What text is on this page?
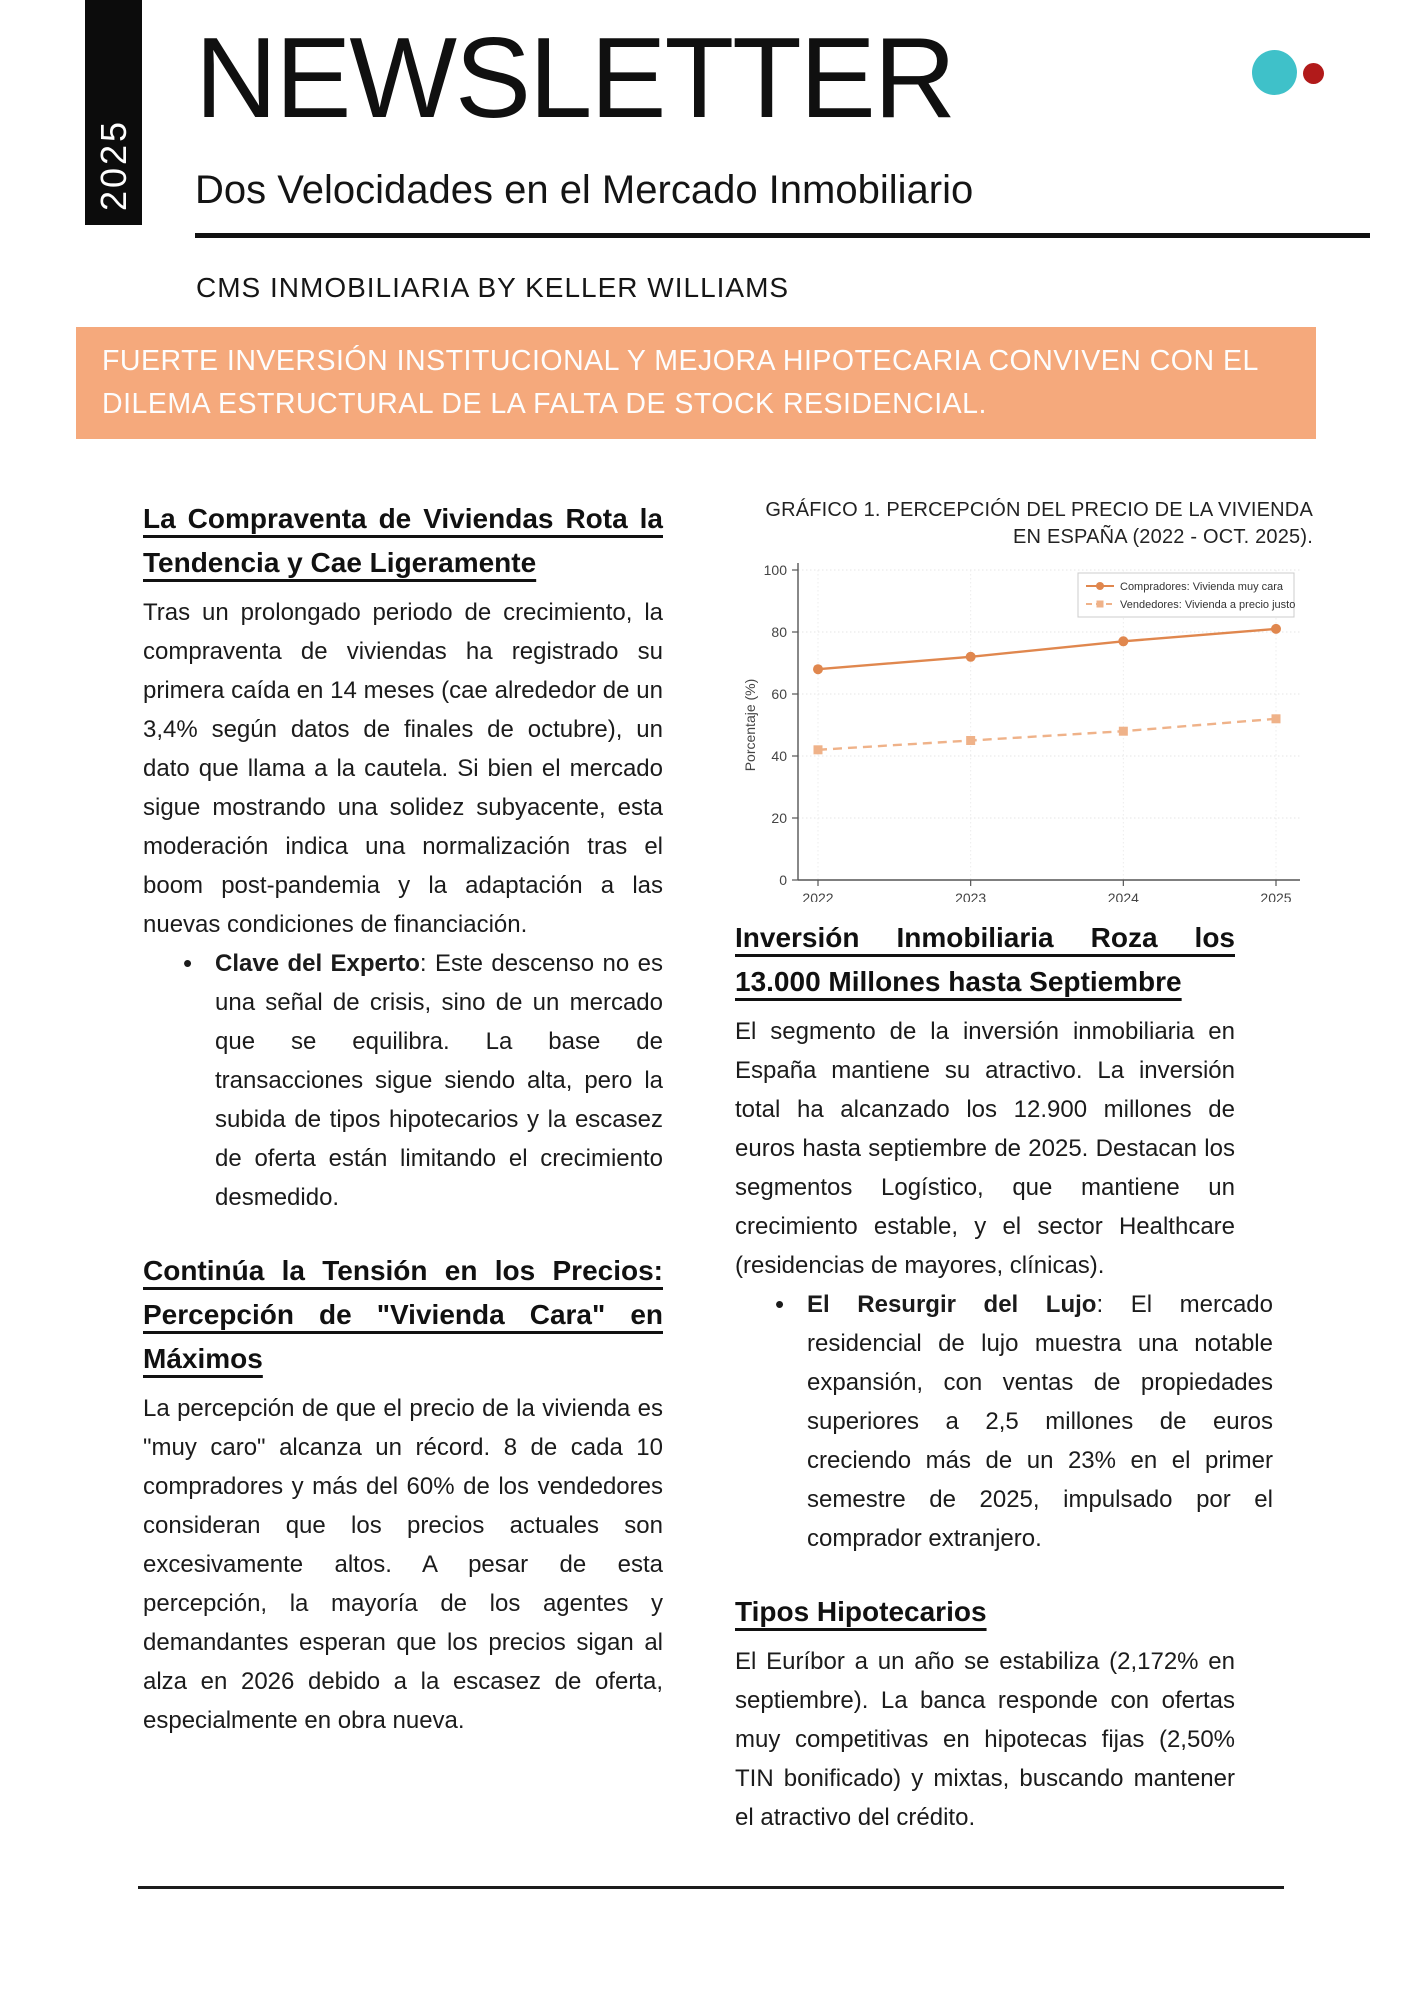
2025
NEWSLETTER
Dos Velocidades en el Mercado Inmobiliario
CMS INMOBILIARIA BY KELLER WILLIAMS
FUERTE INVERSIÓN INSTITUCIONAL Y MEJORA HIPOTECARIA CONVIVEN CON EL DILEMA ESTRUCTURAL DE LA FALTA DE STOCK RESIDENCIAL.
La Compraventa de Viviendas Rota la Tendencia y Cae Ligeramente

Tras un prolongado periodo de crecimiento, la compraventa de viviendas ha registrado su primera caída en 14 meses (cae alrededor de un 3,4% según datos de finales de octubre), un dato que llama a la cautela. Si bien el mercado sigue mostrando una solidez subyacente, esta moderación indica una normalización tras el boom post-pandemia y la adaptación a las nuevas condiciones de financiación.

• Clave del Experto: Este descenso no es una señal de crisis, sino de un mercado que se equilibra. La base de transacciones sigue siendo alta, pero la subida de tipos hipotecarios y la escasez de oferta están limitando el crecimiento desmedido.
Continúa la Tensión en los Precios: Percepción de "Vivienda Cara" en Máximos

La percepción de que el precio de la vivienda es "muy caro" alcanza un récord. 8 de cada 10 compradores y más del 60% de los vendedores consideran que los precios actuales son excesivamente altos. A pesar de esta percepción, la mayoría de los agentes y demandantes esperan que los precios sigan al alza en 2026 debido a la escasez de oferta, especialmente en obra nueva.

GRÁFICO 1. PERCEPCIÓN DEL PRECIO DE LA VIVIENDA EN ESPAÑA (2022 - OCT. 2025).

0
20
40
60
80
100
2022	2023	2024	2025
Porcentaje (%)
Compradores: Vivienda muy cara
Vendedores: Vivienda a precio justo
Inversión Inmobiliaria Roza los 13.000 Millones hasta Septiembre

El segmento de la inversión inmobiliaria en España mantiene su atractivo. La inversión total ha alcanzado los 12.900 millones de euros hasta septiembre de 2025. Destacan los segmentos Logístico, que mantiene un crecimiento estable, y el sector Healthcare (residencias de mayores, clínicas).

• El Resurgir del Lujo: El mercado residencial de lujo muestra una notable expansión, con ventas de propiedades superiores a 2,5 millones de euros creciendo más de un 23% en el primer semestre de 2025, impulsado por el comprador extranjero.
Tipos Hipotecarios

El Euríbor a un año se estabiliza (2,172% en septiembre). La banca responde con ofertas muy competitivas en hipotecas fijas (2,50% TIN bonificado) y mixtas, buscando mantener el atractivo del crédito.
